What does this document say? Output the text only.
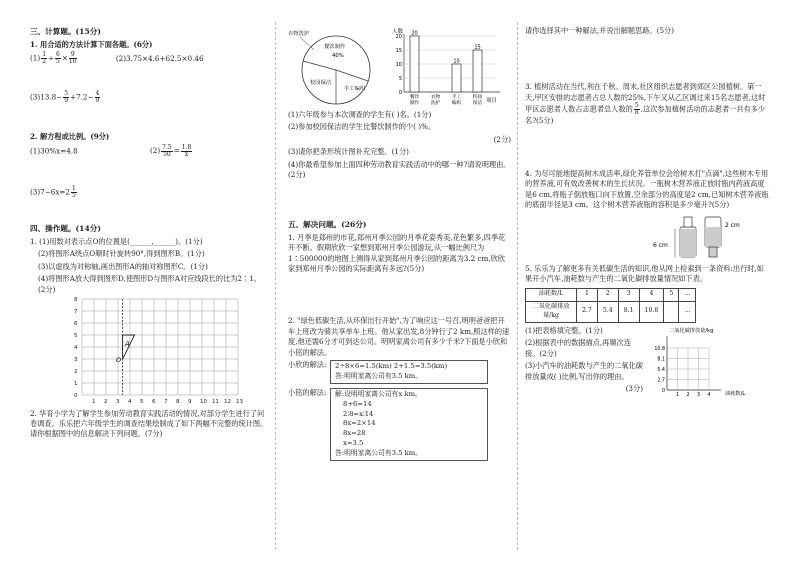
三、计算题。(15分)
1. 用合适的方法计算下面各题。(6分)
$(1) \frac{1}{2} \div \frac{6}{5} \times \frac{9}{10}$	(2)3.75×4.6+62.5×0.46
$(3)13.8- \frac{5}{9} +7.2- \frac{4}{9}$
2. 解方程或比例。(9分)
(1)30%x=4.8	$(2) \frac{7.5}{50} = \frac{1.8}{x}$
$(3)7-6x=2 \frac{1}{5}$
四、操作题。(14分)
1. (1)用数对表示点O的位置是(______,______)。(1分)
(2)将图形A绕点O顺时针旋转90°,得到图形B。(1分)
(3)以虚线为对称轴,画出图形A的轴对称图形C。(1分)
(4)将图形A放大得到图形D,使图形D与图形A对应线段长的比为2∶1。(2分)
A
O
8
7
6
5
4
3
2
1
0
1 2 3 4 5 6 7 8 9 10 11 12 13
2. 华育小学为了解学生参加劳动教育实践活动的情况,对部分学生进行了问卷调查。乐乐把六年级学生的调查结果绘制成了如下两幅不完整的统计图。请你根据图中的信息解决下列问题。(7分)
衣物洗护
餐饮制作
40%
校园保洁
手工编织
人数
项目
20
15
10
5
0
20
餐饮
制作
衣物
洗护
10
手工
编织
15
校园
保洁
(1)六年级参与本次调查的学生有( )名。(1分)
(2)参加校园保洁的学生比餐饮制作的少( )%。
(2分)
(3)请你把条形统计图补充完整。(1分)
(4)你最希望参加上面四种劳动教育实践活动中的哪一种?请说明理由。(2分)
五、解决问题。(26分)
1. 月季是郑州的市花,郑州月季公园的月季花姿秀美,花色繁多,四季花开不断。假期欣欣一家想到郑州月季公园游玩,从一幅比例尺为1∶500000的地图上测得从家到郑州月季公园的距离为3.2 cm,欣欣家到郑州月季公园的实际距离有多远?(5分)
2. "绿色低碳生活,从环保出行开始",为了响应这一号召,明明爸爸把开车上班改为骑共享单车上班。他从家出发,8分钟行了2 km,照这样的速度,他还需6分才可到达公司。明明家离公司有多少千米?下面是小欣和小铭的解法。
小欣的解法: 2÷8×6=1.5(km) 2+1.5=3.5(km)
答:明明家离公司有3.5 km。
小铭的解法: 解:设明明家离公司有x km。
8+6=14
2∶8=x∶14
8x=2×14
8x=28
x=3.5
答:明明家离公司有3.5 km。
请你选择其中一种解法,并说出解题思路。(5分)
3. 植树活动在当代,利在千秋。周末,社区组织志愿者到郊区公园植树。第一天,甲区安排的志愿者占总人数的25%,下午又从乙区调过来15名志愿者,这时甲区志愿者人数占志愿者总人数的 $\frac{5}{8}$ ,这次参加植树活动的志愿者一共有多少名?(5分)
4. 为尽可能地提高树木成活率,绿化养管单位会给树木打"点滴",这些树木专用的营养液,可有效改善树木的生长状况。一瓶树木营养液正放时瓶内药液高度是6 cm,将瓶子倒放瓶口向下放置,空余部分的高度是2 cm,已知树木营养液瓶的底面半径是3 cm。这个树木营养液瓶的容积是多少毫升?(5分)
6 cm
2 cm
5. 乐乐为了解更多有关低碳生活的知识,他从网上检索到一条资料:出行时,如果开小汽车,油耗数与产生的二氧化碳排放量情况如下表。
油耗数/L	1	2	3	4	5	…
二氧化碳排放量/kg	2.7	5.4	8.1	10.8		…
(1)把表格填完整。(1分)
(2)根据表中的数据描点,再顺次连接。(2分)
(3)小汽车的油耗数与产生的二氧化碳排放量成( )比例,写出你的理由。
(3分)
二氧化碳排放量/kg
油耗数/L
10.8
8.1
5.4
2.7
0
1 2 3 4
